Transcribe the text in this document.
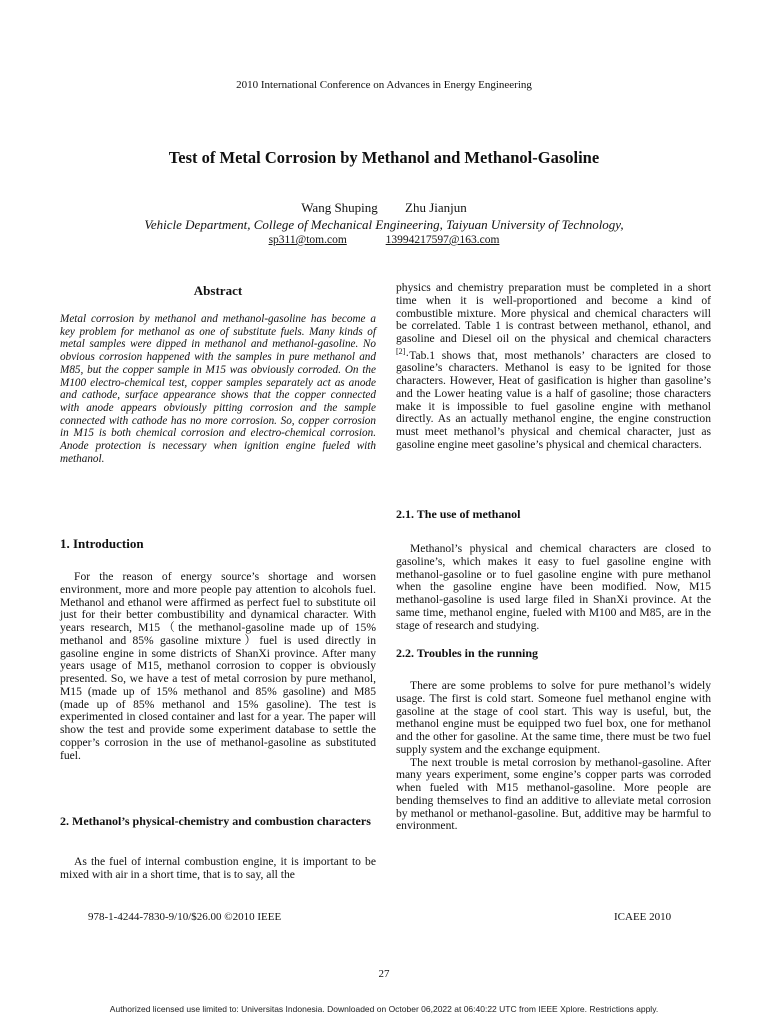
2010 International Conference on Advances in Energy Engineering
Test of Metal Corrosion by Methanol and Methanol-Gasoline
Wang Shuping Zhu Jianjun
Vehicle Department, College of Mechanical Engineering, Taiyuan University of Technology,
sp311@tom.com	13994217597@163.com
Abstract
Metal corrosion by methanol and methanol-gasoline has become a key problem for methanol as one of substitute fuels. Many kinds of metal samples were dipped in methanol and methanol-gasoline. No obvious corrosion happened with the samples in pure methanol and M85, but the copper sample in M15 was obviously corroded. On the M100 electro-chemical test, copper samples separately act as anode and cathode, surface appearance shows that the copper connected with anode appears obviously pitting corrosion and the sample connected with cathode has no more corrosion. So, copper corrosion in M15 is both chemical corrosion and electro-chemical corrosion. Anode protection is necessary when ignition engine fueled with methanol.
1. Introduction

For the reason of energy source’s shortage and worsen environment, more and more people pay attention to alcohols fuel. Methanol and ethanol were affirmed as perfect fuel to substitute oil just for their better combustibility and dynamical character. With years research, M15（the methanol-gasoline made up of 15% methanol and 85% gasoline mixture）fuel is used directly in gasoline engine in some districts of ShanXi province. After many years usage of M15, methanol corrosion to copper is obviously presented. So, we have a test of metal corrosion by pure methanol, M15 (made up of 15% methanol and 85% gasoline) and M85 (made up of 85% methanol and 15% gasoline). The test is experimented in closed container and last for a year. The paper will show the test and provide some experiment database to settle the copper’s corrosion in the use of methanol-gasoline as substituted fuel.

2. Methanol’s physical-chemistry and combustion characters

As the fuel of internal combustion engine, it is important to be mixed with air in a short time, that is to say, all the

physics and chemistry preparation must be completed in a short time when it is well-proportioned and become a kind of combustible mixture. More physical and chemical characters will be correlated. Table 1 is contrast between methanol, ethanol, and gasoline and Diesel oil on the physical and chemical characters [2]·Tab.1 shows that, most methanols’ characters are closed to gasoline’s characters. Methanol is easy to be ignited for those characters. However, Heat of gasification is higher than gasoline’s and the Lower heating value is a half of gasoline; those characters make it is impossible to fuel gasoline engine with methanol directly. As an actually methanol engine, the engine construction must meet methanol’s physical and chemical character, just as gasoline engine meet gasoline’s physical and chemical characters.

2.1. The use of methanol

Methanol’s physical and chemical characters are closed to gasoline’s, which makes it easy to fuel gasoline engine with methanol-gasoline or to fuel gasoline engine with pure methanol when the gasoline engine have been modified. Now, M15 methanol-gasoline is used large filed in ShanXi province. At the same time, methanol engine, fueled with M100 and M85, are in the stage of research and studying.

2.2. Troubles in the running

There are some problems to solve for pure methanol’s widely usage. The first is cold start. Someone fuel methanol engine with gasoline at the stage of cool start. This way is useful, but, the methanol engine must be equipped two fuel box, one for methanol and the other for gasoline. At the same time, there must be two fuel supply system and the exchange equipment.

The next trouble is metal corrosion by methanol-gasoline. After many years experiment, some engine’s copper parts was corroded when fueled with M15 methanol-gasoline. More people are bending themselves to find an additive to alleviate metal corrosion by methanol or methanol-gasoline. But, additive may be harmful to environment.

978-1-4244-7830-9/10/$26.00 ©2010 IEEE	ICAEE 2010
27
Authorized licensed use limited to: Universitas Indonesia. Downloaded on October 06,2022 at 06:40:22 UTC from IEEE Xplore. Restrictions apply.
